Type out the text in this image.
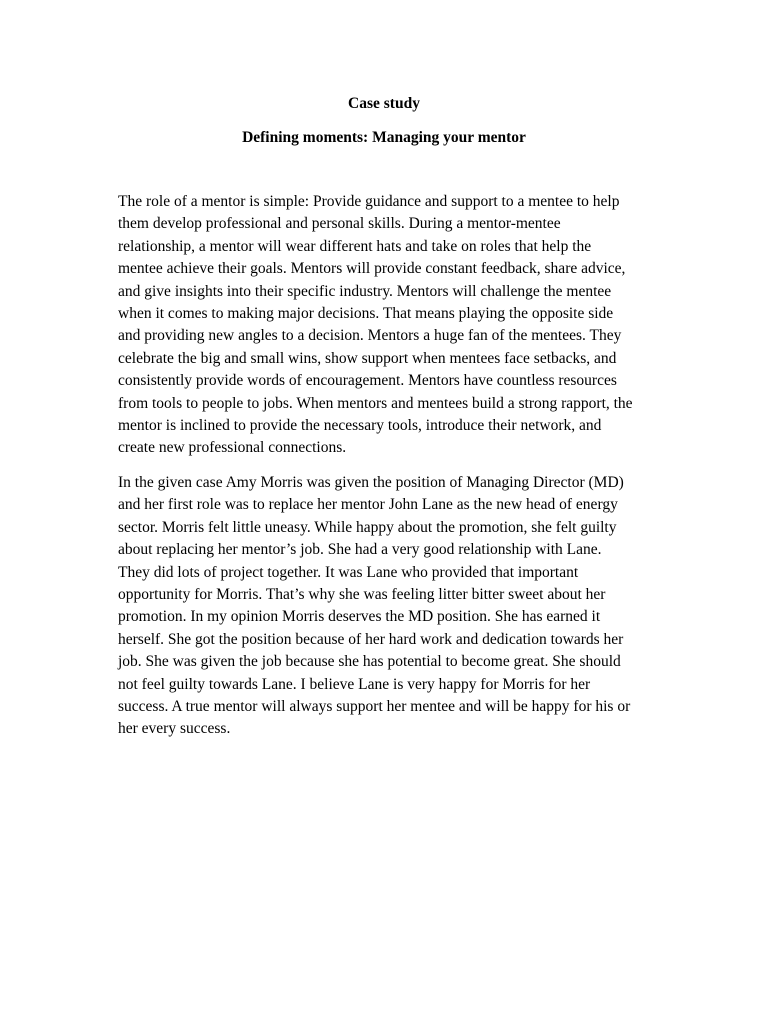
Case study
Defining moments: Managing your mentor
The role of a mentor is simple: Provide guidance and support to a mentee to help
them develop professional and personal skills. During a mentor-mentee
relationship, a mentor will wear different hats and take on roles that help the
mentee achieve their goals. Mentors will provide constant feedback, share advice,
and give insights into their specific industry. Mentors will challenge the mentee
when it comes to making major decisions. That means playing the opposite side
and providing new angles to a decision. Mentors a huge fan of the mentees. They
celebrate the big and small wins, show support when mentees face setbacks, and
consistently provide words of encouragement. Mentors have countless resources
from tools to people to jobs. When mentors and mentees build a strong rapport, the
mentor is inclined to provide the necessary tools, introduce their network, and
create new professional connections.
In the given case Amy Morris was given the position of Managing Director (MD)
and her first role was to replace her mentor John Lane as the new head of energy
sector. Morris felt little uneasy. While happy about the promotion, she felt guilty
about replacing her mentor’s job. She had a very good relationship with Lane.
They did lots of project together. It was Lane who provided that important
opportunity for Morris. That’s why she was feeling litter bitter sweet about her
promotion. In my opinion Morris deserves the MD position. She has earned it
herself. She got the position because of her hard work and dedication towards her
job. She was given the job because she has potential to become great. She should
not feel guilty towards Lane. I believe Lane is very happy for Morris for her
success. A true mentor will always support her mentee and will be happy for his or
her every success.
